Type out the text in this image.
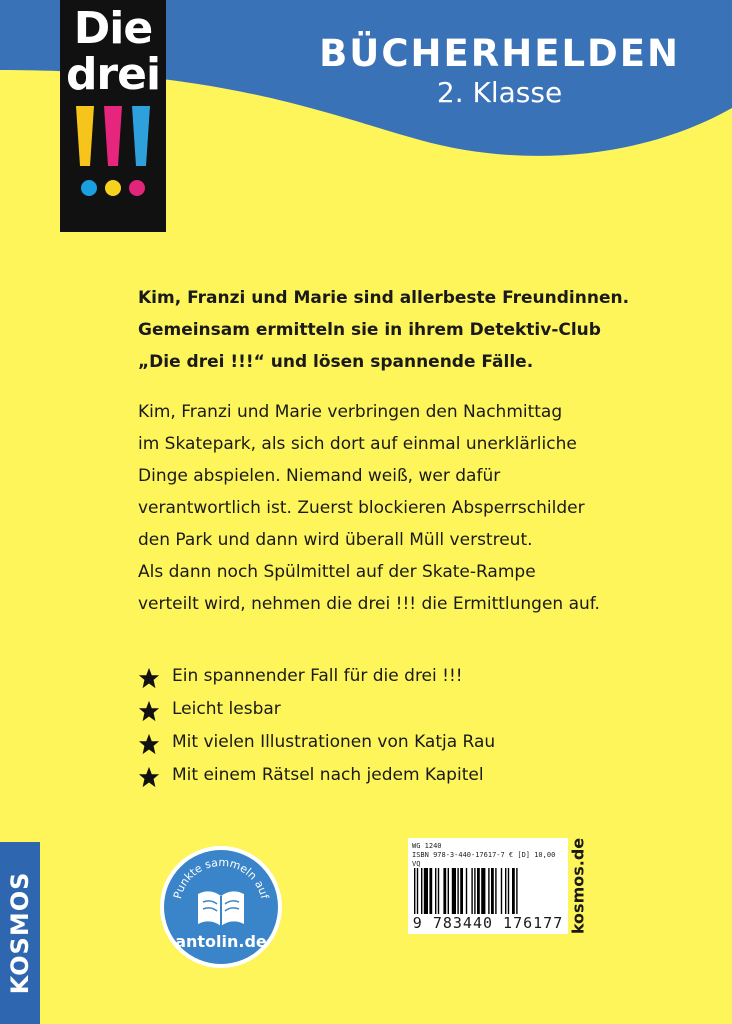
Die
drei	BÜCHERHELDEN
2. Klasse
Kim, Franzi und Marie sind allerbeste Freundinnen.
Gemeinsam ermitteln sie in ihrem Detektiv-Club
„Die drei !!!“ und lösen spannende Fälle.
Kim, Franzi und Marie verbringen den Nachmittag
im Skatepark, als sich dort auf einmal unerklärliche
Dinge abspielen. Niemand weiß, wer dafür
verantwortlich ist. Zuerst blockieren Absperrschilder
den Park und dann wird überall Müll verstreut.
Als dann noch Spülmittel auf der Skate-Rampe
verteilt wird, nehmen die drei !!! die Ermittlungen auf.
Ein spannender Fall für die drei !!!
Leicht lesbar
Mit vielen Illustrationen von Katja Rau
Mit einem Rätsel nach jedem Kapitel
KOSMOS	Punkte sammeln auf
antolin.de
WG 1240
ISBN 978-3-440-17617-7 € [D] 10,00
VQ
9 783440 176177 kosmos.de
